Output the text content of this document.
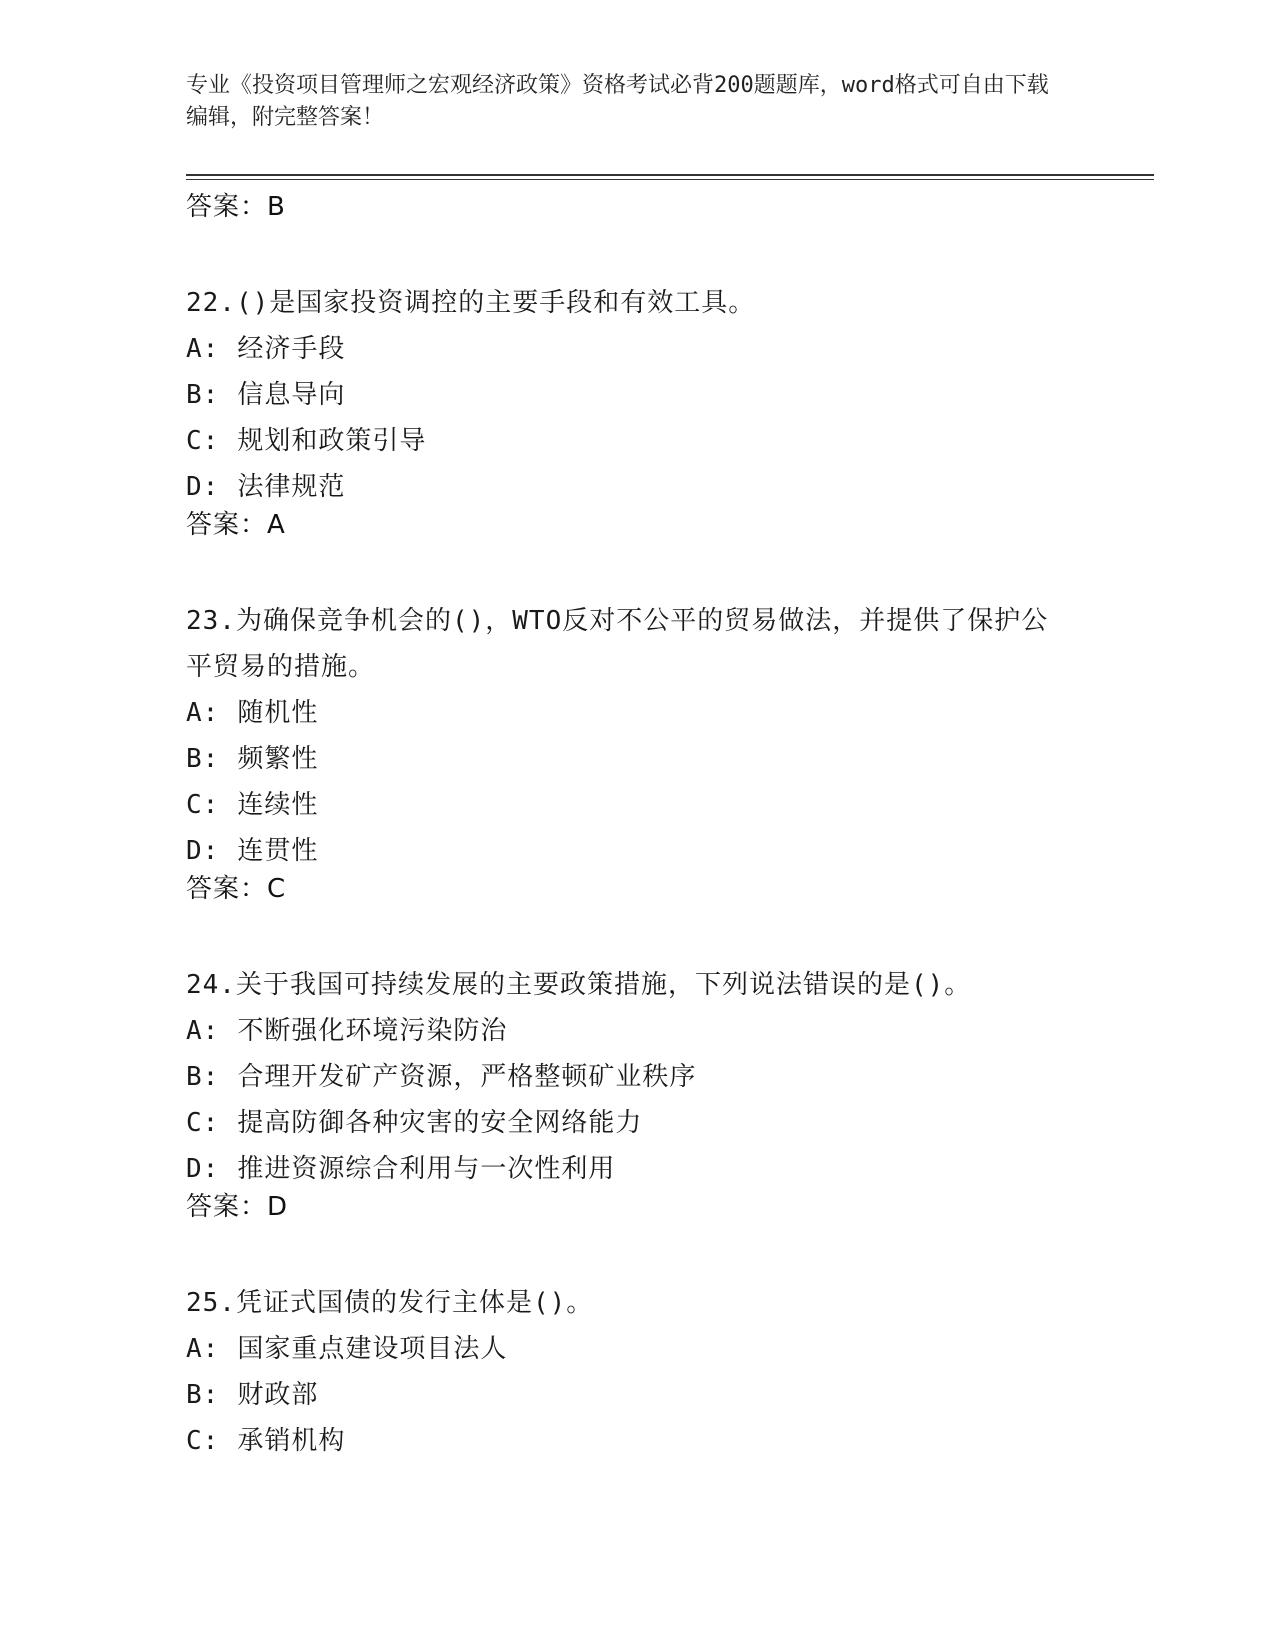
专业《投资项目管理师之宏观经济政策》资格考试必背200题题库，word格式可自由下载编辑，附完整答案！

答案：B

22.()是国家投资调控的主要手段和有效工具。

A: 经济手段
B: 信息导向
C: 规划和政策引导
D: 法律规范
答案：A

23.为确保竞争机会的()，WTO反对不公平的贸易做法，并提供了保护公平贸易的措施。

A: 随机性
B: 频繁性
C: 连续性
D: 连贯性
答案：C

24.关于我国可持续发展的主要政策措施，下列说法错误的是()。

A: 不断强化环境污染防治
B: 合理开发矿产资源，严格整顿矿业秩序
C: 提高防御各种灾害的安全网络能力
D: 推进资源综合利用与一次性利用
答案：D

25.凭证式国债的发行主体是()。

A: 国家重点建设项目法人
B: 财政部
C: 承销机构
